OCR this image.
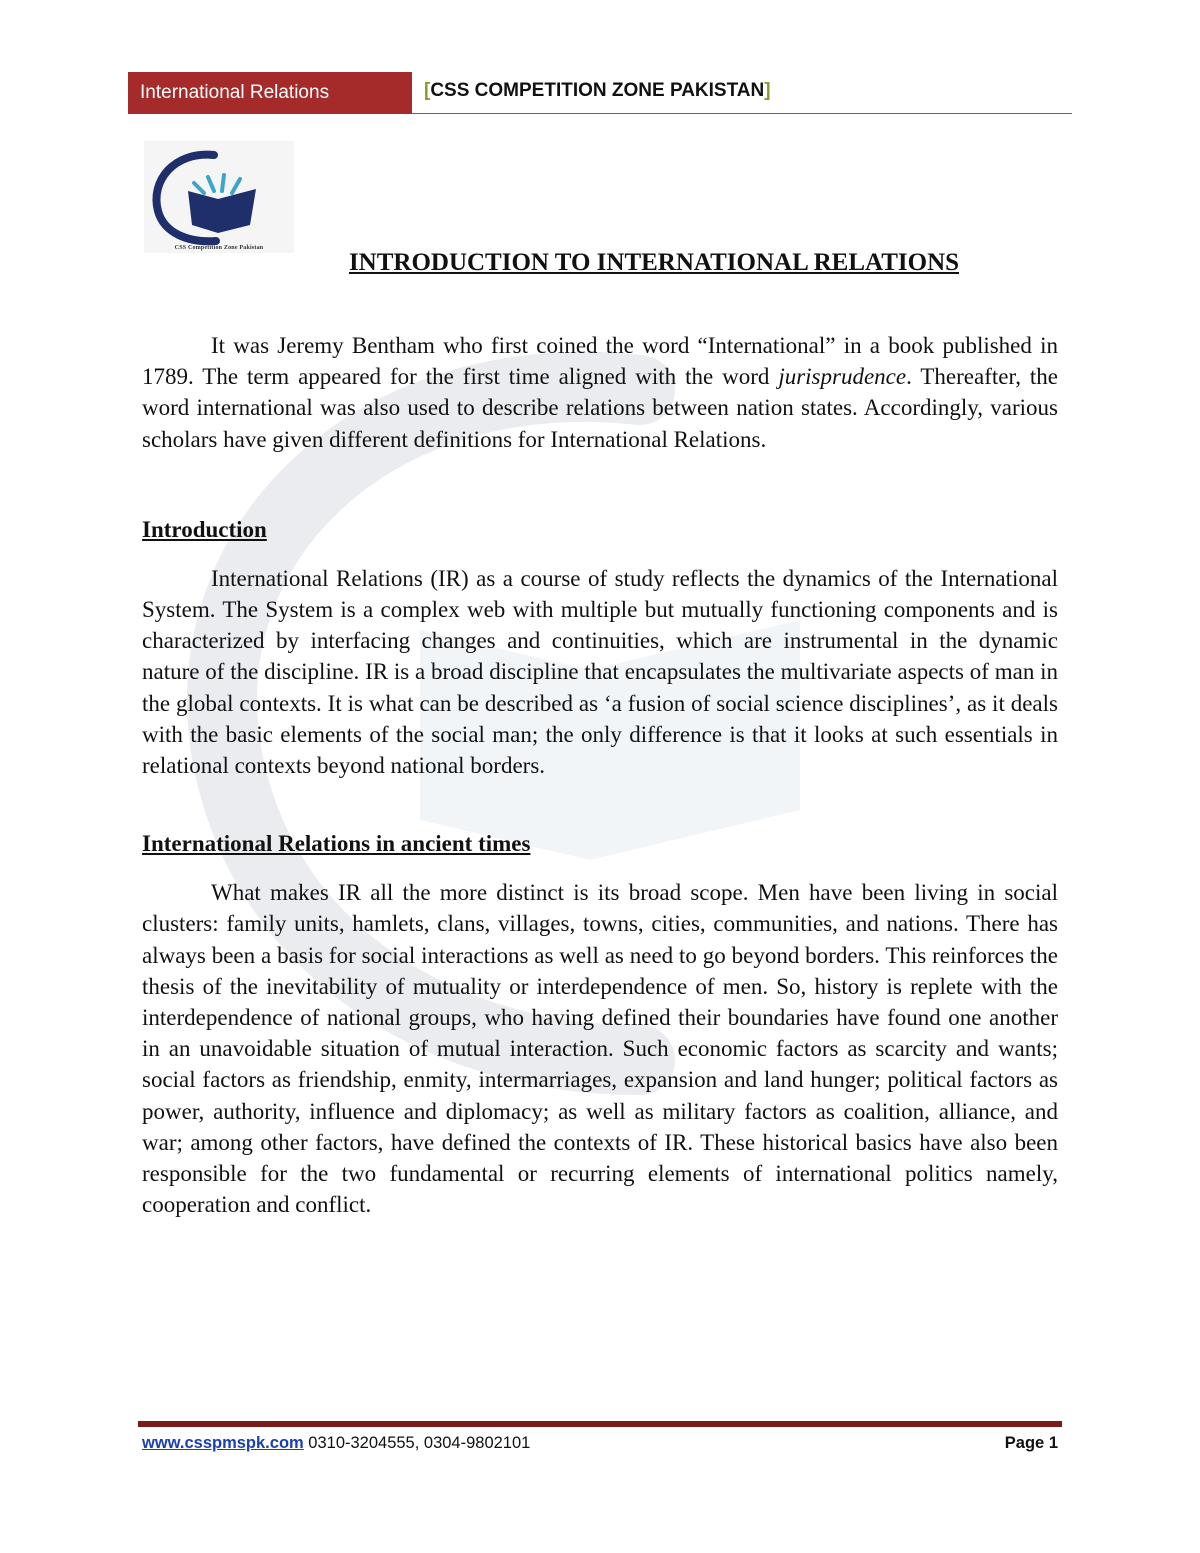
International Relations	[CSS COMPETITION ZONE PAKISTAN]
CSS Competition Zone Pakistan
INTRODUCTION TO INTERNATIONAL RELATIONS

It was Jeremy Bentham who first coined the word “International” in a book published in 1789. The term appeared for the first time aligned with the word jurisprudence. Thereafter, the word international was also used to describe relations between nation states. Accordingly, various scholars have given different definitions for International Relations.

Introduction

International Relations (IR) as a course of study reflects the dynamics of the International System. The System is a complex web with multiple but mutually functioning components and is characterized by interfacing changes and continuities, which are instrumental in the dynamic nature of the discipline. IR is a broad discipline that encapsulates the multivariate aspects of man in the global contexts. It is what can be described as ‘a fusion of social science disciplines’, as it deals with the basic elements of the social man; the only difference is that it looks at such essentials in relational contexts beyond national borders.

International Relations in ancient times

What makes IR all the more distinct is its broad scope. Men have been living in social clusters: family units, hamlets, clans, villages, towns, cities, communities, and nations. There has always been a basis for social interactions as well as need to go beyond borders. This reinforces the thesis of the inevitability of mutuality or interdependence of men. So, history is replete with the interdependence of national groups, who having defined their boundaries have found one another in an unavoidable situation of mutual interaction. Such economic factors as scarcity and wants; social factors as friendship, enmity, intermarriages, expansion and land hunger; political factors as power, authority, influence and diplomacy; as well as military factors as coalition, alliance, and war; among other factors, have defined the contexts of IR. These historical basics have also been responsible for the two fundamental or recurring elements of international politics namely, cooperation and conflict.

www.csspmspk.com 0310-3204555, 0304-9802101	Page 1
